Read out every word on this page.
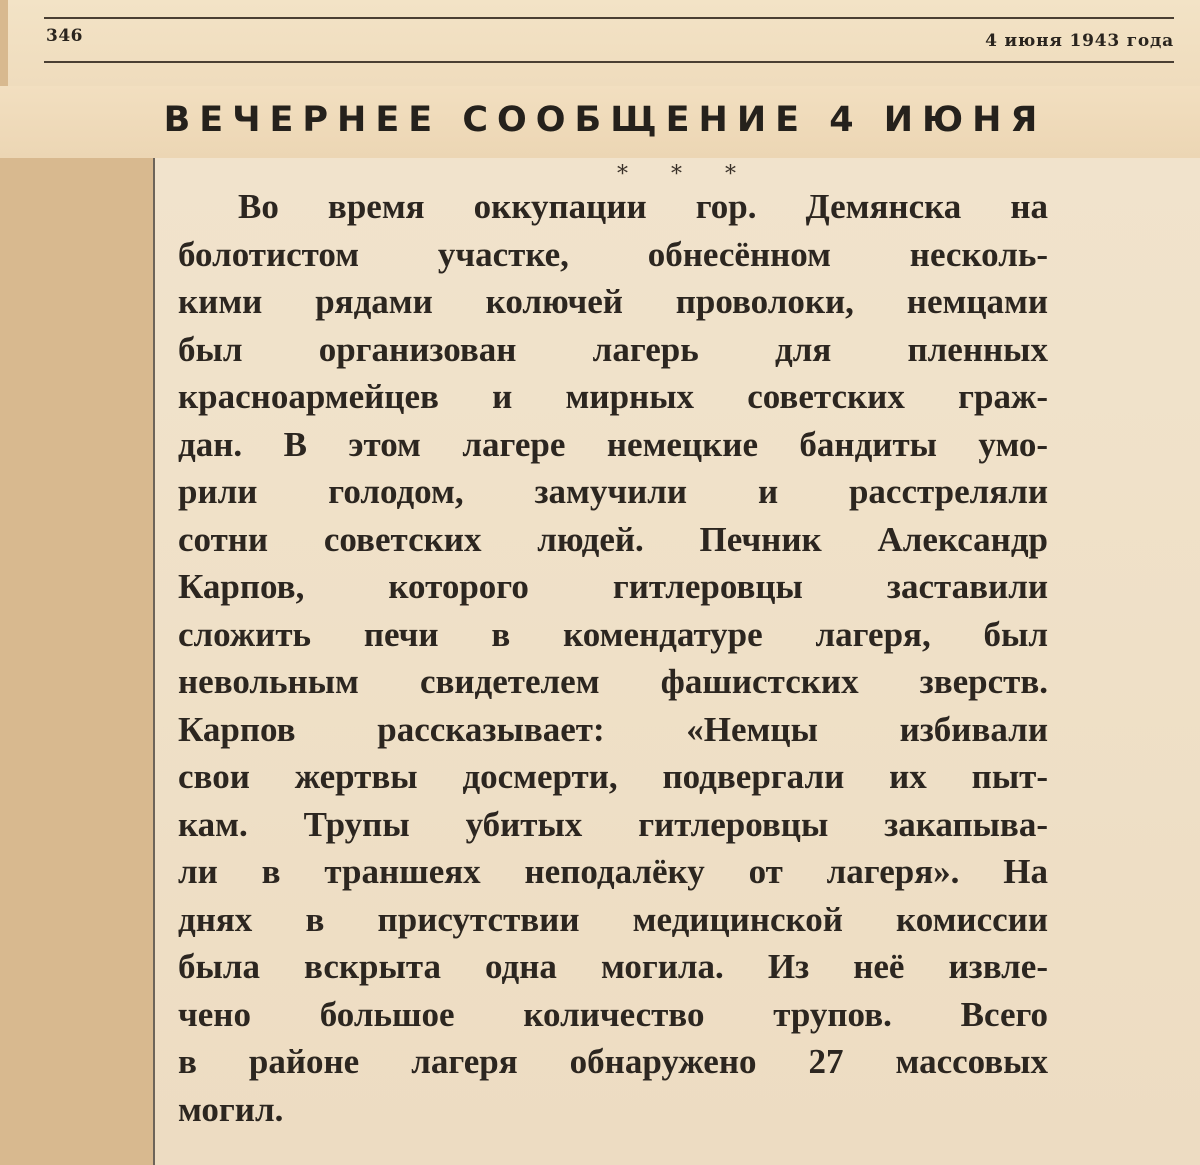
346	4 июня 1943 года
ВЕЧЕРНЕЕ СООБЩЕНИЕ 4 ИЮНЯ
* * *
Во время оккупации гор. Демянска на
болотистом участке, обнесённом несколь-
кими рядами колючей проволоки, немцами
был организован лагерь для пленных
красноармейцев и мирных советских граж-
дан. В этом лагере немецкие бандиты умо-
рили голодом, замучили и расстреляли
сотни советских людей. Печник Александр
Карпов, которого гитлеровцы заставили
сложить печи в комендатуре лагеря, был
невольным свидетелем фашистских зверств.
Карпов рассказывает: «Немцы избивали
свои жертвы досмерти, подвергали их пыт-
кам. Трупы убитых гитлеровцы закапыва-
ли в траншеях неподалёку от лагеря». На
днях в присутствии медицинской комиссии
была вскрыта одна могила. Из неё извле-
чено большое количество трупов. Всего
в районе лагеря обнаружено 27 массовых
могил.
